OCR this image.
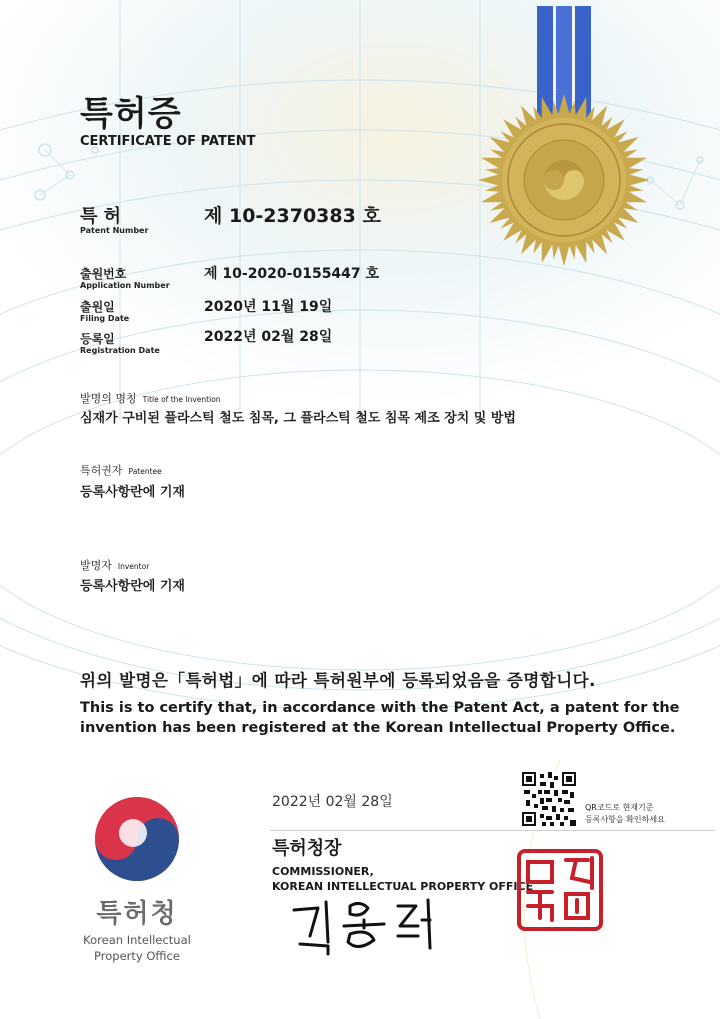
특허증
CERTIFICATE OF PATENT
특 허
Patent Number
제 10-2370383 호
출원번호
Application Number
제 10-2020-0155447 호
출원일
Filing Date
2020년 11월 19일
등록일
Registration Date
2022년 02월 28일
발명의 명칭 Title of the Invention
심재가 구비된 플라스틱 철도 침목, 그 플라스틱 철도 침목 제조 장치 및 방법
특허권자 Patentee
등록사항란에 기재
발명자 Inventor
등록사항란에 기재
위의 발명은「특허법」에 따라 특허원부에 등록되었음을 증명합니다.
This is to certify that, in accordance with the Patent Act, a patent for the
invention has been registered at the Korean Intellectual Property Office.
2022년 02월 28일	QR코드로 현재기준
등록사항을 확인하세요
특허청장
COMMISSIONER,
KOREAN INTELLECTUAL PROPERTY OFFICE
특허청
Korean Intellectual
Property Office
